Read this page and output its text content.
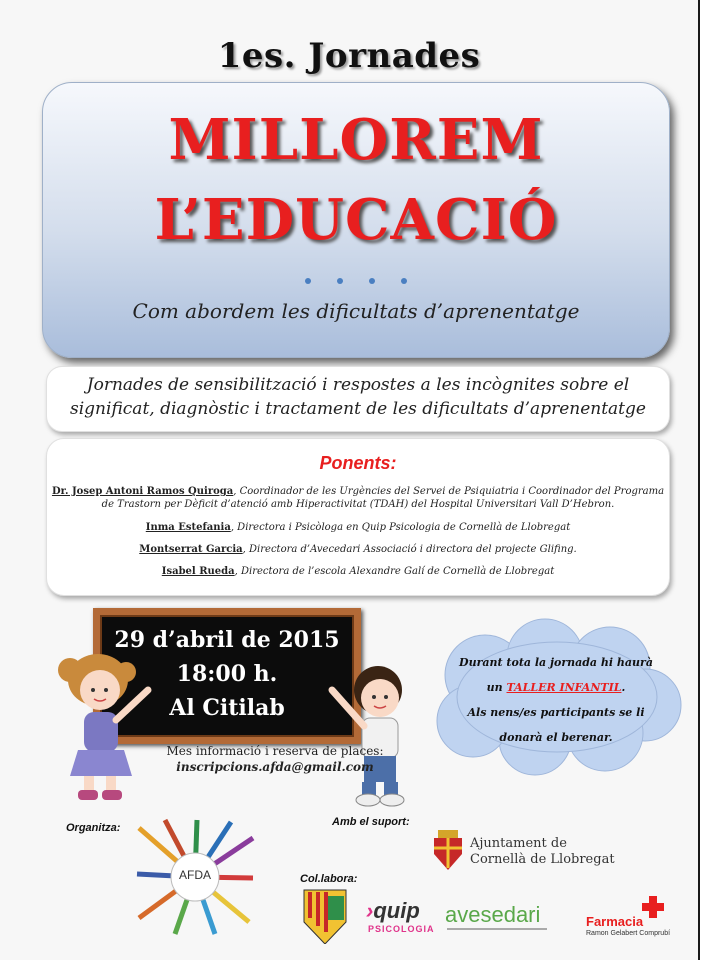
1es. Jornades
MILLOREM
L’EDUCACIÓ
Com abordem les dificultats d’aprenentatge

Jornades de sensibilització i respostes a les incògnites sobre el
significat, diagnòstic i tractament de les dificultats d’aprenentatge

Ponents:
Dr. Josep Antoni Ramos Quiroga, Coordinador de les Urgències del Servei de Psiquiatria i Coordinador del Programa
de Trastorn per Dèficit d’atenció amb Hiperactivitat (TDAH) del Hospital Universitari Vall D’Hebron.
Inma Estefania, Directora i Psicòloga en Quip Psicologia de Cornellà de Llobregat
Montserrat Garcia, Directora d’Avecedari Associació i directora del projecte Glifing.
Isabel Rueda, Directora de l’escola Alexandre Galí de Cornellà de Llobregat
29 d’abril de 2015
18:00 h.
Al Citilab
Mes informació i reserva de places:
inscripcions.afda@gmail.com
Durant tota la jornada hi haurà
un TALLER INFANTIL.
Als nens/es participants se li
donarà el berenar.
Organitza:	Amb el suport:
Col.labora:
AFDA
Ajuntament de
Cornellà de Llobregat
›quip
PSICOLOGIA
avesedari	Farmacia
Ramon Gelabert Comprubí
